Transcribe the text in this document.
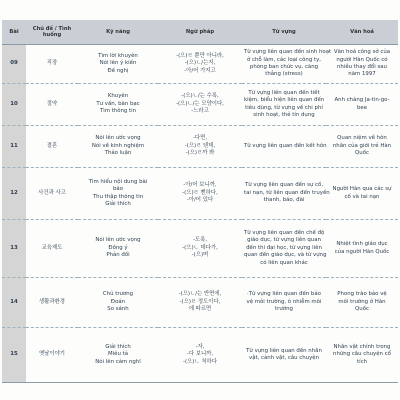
Bài	Chủ đề / Tình huống	Kỹ năng	Ngữ pháp	Từ vựng	Văn hoá
09	직장	Tìm lời khuyên
Nói lên ý kiến
Đề nghị	-(으)ㄹ 뿐만 아니라,
-(으)ㄴ/는지,
-아/어 가지고	Từ vựng liên quan đến sinh hoạt
ở chỗ làm, các loại công ty,
phòng ban chức vụ, căng
thẳng (stress)	Văn hoá công sở của
người Hàn Quốc có
nhiều thay đổi sau
năm 1997

10	절약	Khuyên
Tư vấn, bàn bạc
Tìm thông tin	-(으)ㄴ/는 수록,
-(으)ㄴ/는 모양이다,
-느라고	Từ vựng liên quan đến tiết
kiệm, biểu hiện liên quan đến
tiêu dùng, từ vựng về chi phí
sinh hoạt, thẻ tín dụng	Anh chàng Ja-tin-go-
bee

11	결혼	Nói lên ước vọng
Nói về kinh nghiệm
Thảo luận	-다면,
-(으)ㄹ 텐데,
-(으)ㄹ까 봐	Từ vựng liên quan đến kết hôn	Quan niệm về hôn
nhân của giới trẻ Hàn
Quốc

12	사건과 사고	Tìm hiểu nội dung bài
báo
Thu thập thông tin
Giải thích	-아/어 보니까,
-(으)ㄹ 뻔하다,
-아/어 있다	Từ vựng liên quan đến sự cố,
tai nạn, từ liên quan đến truyền
thanh, báo, đài	Người Hàn qua các sự
cố và tai nạn

13	교육제도	Nói lên ước vọng
Đồng ý
Phản đối	-도록,
-(으)ㄴ 데다가,
-(으)며	Từ vựng liên quan đến chế độ
giáo dục, từ vựng liên quan
đến thi đại học, từ vựng liên
quan đến giáo dục, và từ vựng
có liên quan khác	Nhiệt tình giáo dục
của người Hàn Quốc

14	생활과환경	Chủ trương
Đoán
So sánh	-(으)ㄴ/는 반면에,
-(으)ㄹ 정도이다,
에 따르면	·Từ vựng liên quan đến bảo
vệ môi trường, ô nhiễm môi
trường	Phong trào bảo vệ
môi trường ở Hàn
Quốc

15	옛날이야기	Giải thích
Miêu tả
Nói lên cảm nghĩ	-자,
-다 보니까,
-(으)ㄴ 척하다	Từ vựng liên quan đến nhân
vật, cảnh vật, câu chuyện	Nhân vật chính trong
những câu chuyện cổ
tích
